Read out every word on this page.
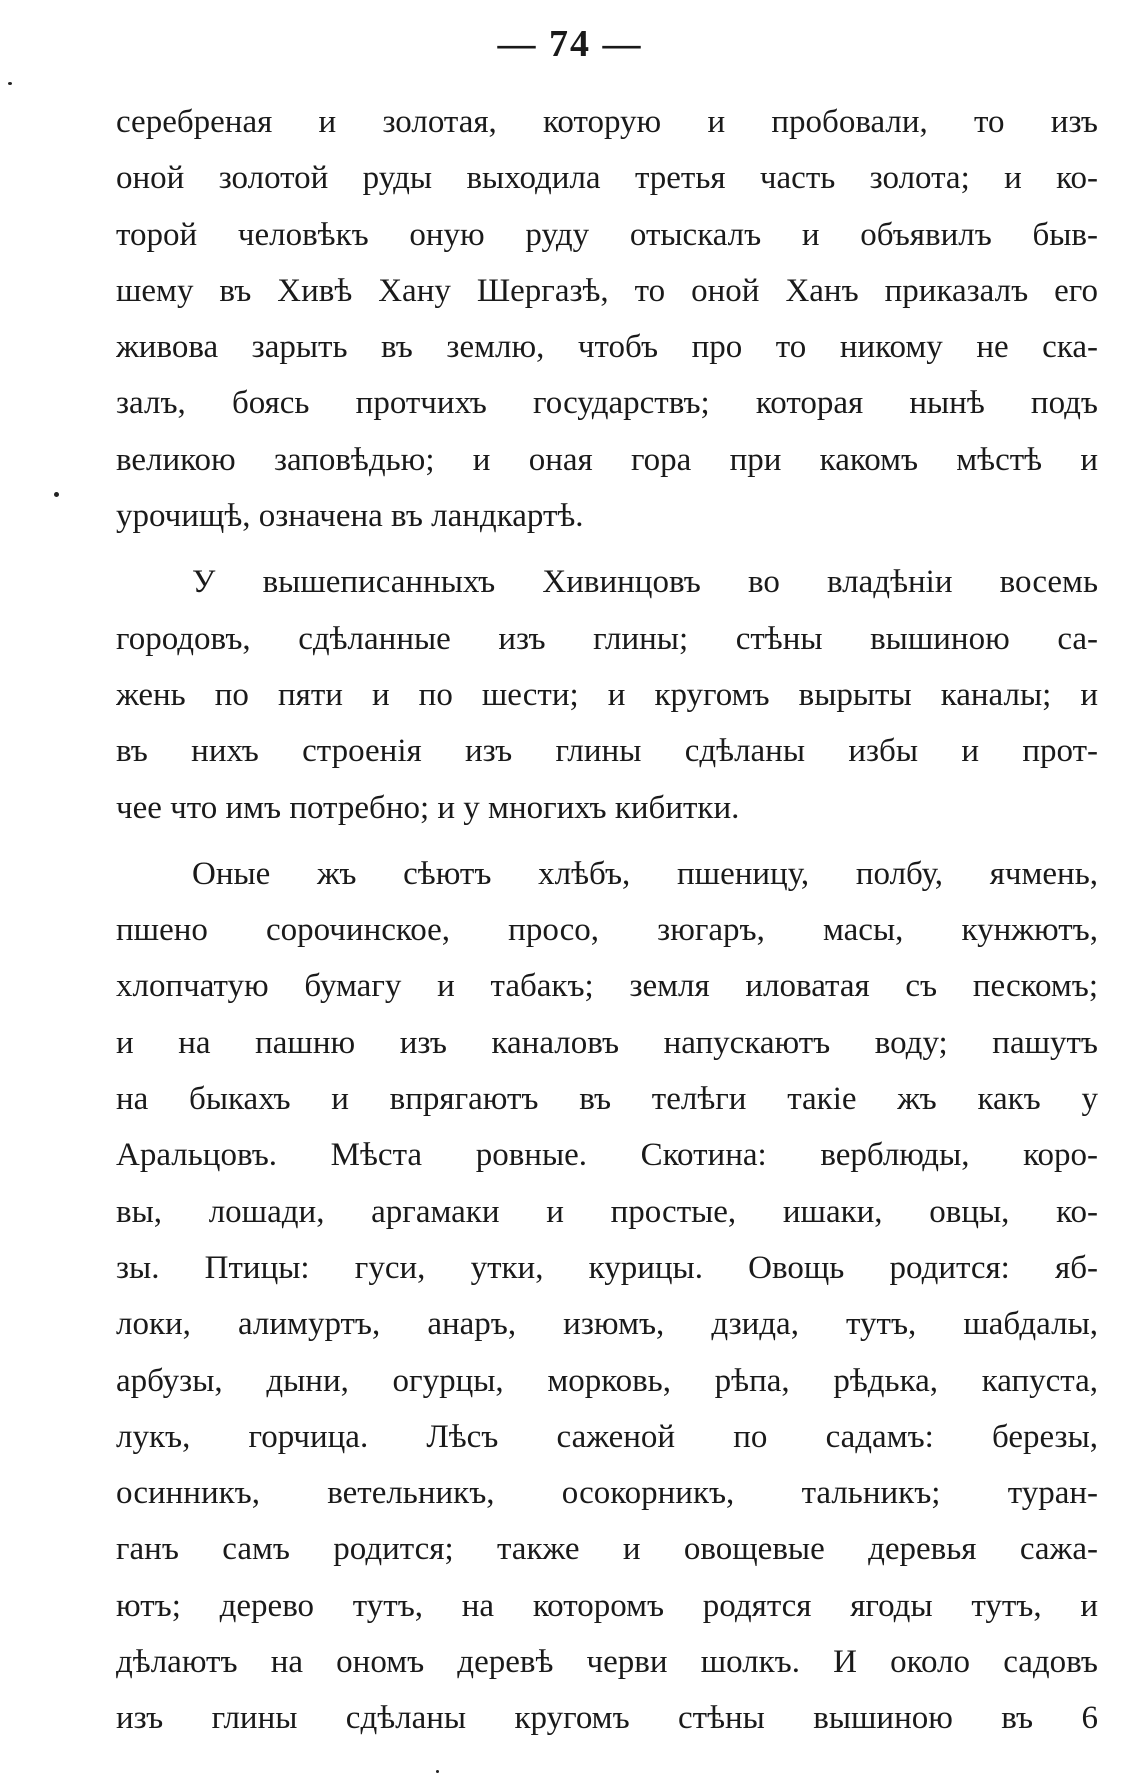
— 74 —
серебреная и золотая, которую и пробовали, то изъ
оной золотой руды выходила третья часть золота; и ко-
торой человѣкъ оную руду отыскалъ и объявилъ быв-
шему въ Хивѣ Хану Шергазѣ, то оной Ханъ приказалъ его
живова зарыть въ землю, чтобъ про то никому не ска-
залъ, боясь протчихъ государствъ; которая нынѣ подъ
великою заповѣдью; и оная гора при какомъ мѣстѣ и
урочищѣ, означена въ ландкартѣ.
У вышеписанныхъ Хивинцовъ во владѣніи восемь
городовъ, сдѣланные изъ глины; стѣны вышиною са-
жень по пяти и по шести; и кругомъ вырыты каналы; и
въ нихъ строенія изъ глины сдѣланы избы и прот-
чее что имъ потребно; и у многихъ кибитки.
Оные жъ сѣютъ хлѣбъ, пшеницу, полбу, ячмень,
пшено сорочинское, просо, зюгаръ, масы, кунжютъ,
хлопчатую бумагу и табакъ; земля иловатая съ пескомъ;
и на пашню изъ каналовъ напускаютъ воду; пашутъ
на быкахъ и впрягаютъ въ телѣги такіе жъ какъ у
Аральцовъ. Мѣста ровные. Скотина: верблюды, коро-
вы, лошади, аргамаки и простые, ишаки, овцы, ко-
зы. Птицы: гуси, утки, курицы. Овощь родится: яб-
локи, алимуртъ, анаръ, изюмъ, дзида, тутъ, шабдалы,
арбузы, дыни, огурцы, морковь, рѣпа, рѣдька, капуста,
лукъ, горчица. Лѣсъ саженой по садамъ: березы,
осинникъ, ветельникъ, осокорникъ, тальникъ; туран-
ганъ самъ родится; также и овощевые деревья сажа-
ютъ; дерево тутъ, на которомъ родятся ягоды тутъ, и
дѣлаютъ на ономъ деревѣ черви шолкъ. И около садовъ
изъ глины сдѣланы кругомъ стѣны вышиною въ 6
